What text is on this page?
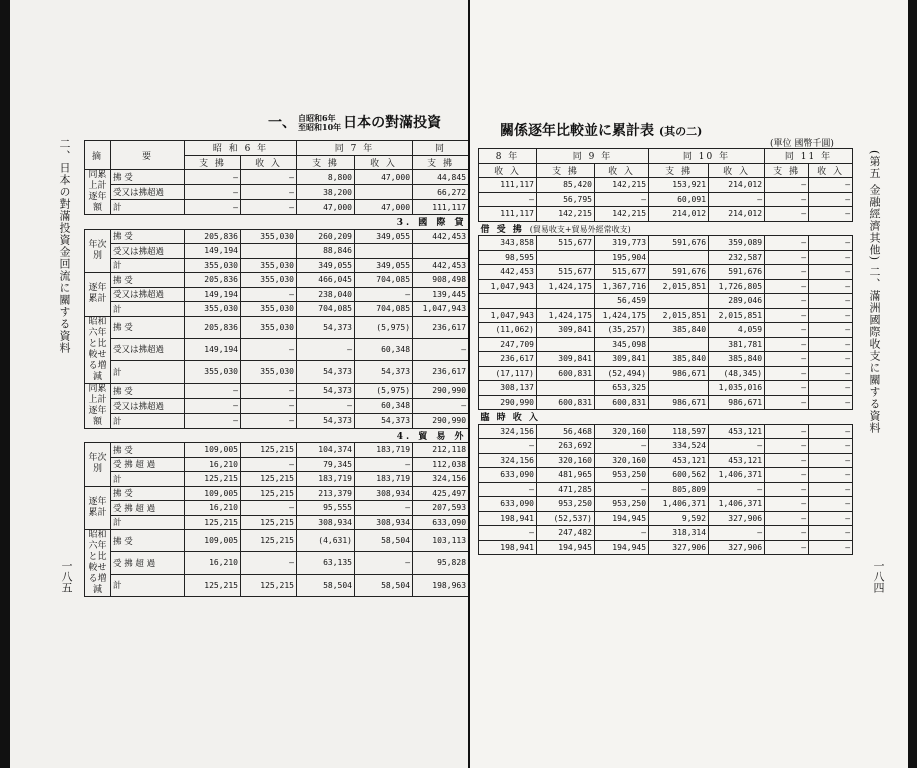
二、日本の對滿投資金回流に關する資料
一八五
一、 自昭和6年
至昭和10年 日本の對滿投資
摘	要	昭 和 6 年		同 7 年		同
		支 拂	收 入	支 拂	收 入	支 拂
同累上計逐年額	拂 受	—	—	8,800	47,000	44,845
	受又は拂超過	—	—	38,200		66,272
	計	—	—	47,000	47,000	111,117
3. 國 際 貸						
年次別	拂 受	205,836	355,030	260,209	349,055	442,453
	受又は拂超過	149,194		88,846		
	計	355,030	355,030	349,055	349,055	442,453
逐年累計	拂 受	205,836	355,030	466,045	704,085	908,498
	受又は拂超過	149,194	—	238,040	—	139,445
	計	355,030	355,030	704,085	704,085	1,047,943
昭和六年と比較せる増減	拂 受	205,836	355,030	54,373	(5,975)	236,617
	受又は拂超過	149,194	—	—	60,348	—
	計	355,030	355,030	54,373	54,373	236,617
同累上計逐年額	拂 受	—	—	54,373	(5,975)	290,990
	受又は拂超過	—	—	—	60,348	—
	計	—	—	54,373	54,373	290,990
4. 貿 易 外						
年次別	拂 受	109,005	125,215	104,374	183,719	212,118
	受 拂 超 過	16,210	—	79,345	—	112,038
	計	125,215	125,215	183,719	183,719	324,156
逐年累計	拂 受	109,005	125,215	213,379	308,934	425,497
	受 拂 超 過	16,210	—	95,555	—	207,593
	計	125,215	125,215	308,934	308,934	633,090
昭和六年と比較せる増減	拂 受	109,005	125,215	(4,631)	58,504	103,113
	受 拂 超 過	16,210	—	63,135	—	95,828
	計	125,215	125,215	58,504	58,504	198,963
關係逐年比較並に累計表 (其の二)
(單位 國幣千圓)
(第五 金融經濟其他) 二、滿洲國際收支に關する資料
一八四
8 年	同 9 年		同 10 年		同 11 年	
收 入	支 拂	收 入	支 拂	收 入	支 拂	收 入
111,117	85,420	142,215	153,921	214,012	—	—
—	56,795	—	60,091	—	—	—
111,117	142,215	142,215	214,012	214,012	—	—
借 受 拂 (貿易收支+貿易外經常收支)						
343,858	515,677	319,773	591,676	359,089	—	—
98,595		195,904		232,587	—	—
442,453	515,677	515,677	591,676	591,676	—	—
1,047,943	1,424,175	1,367,716	2,015,851	1,726,805	—	—
		56,459		289,046	—	—
1,047,943	1,424,175	1,424,175	2,015,851	2,015,851	—	—
(11,062)	309,841	(35,257)	385,840	4,059	—	—
247,709		345,098		381,781	—	—
236,617	309,841	309,841	385,840	385,840	—	—
(17,117)	600,831	(52,494)	986,671	(48,345)	—	—
308,137		653,325		1,035,016	—	—
290,990	600,831	600,831	986,671	986,671	—	—
臨 時 收 入						
324,156	56,468	320,160	118,597	453,121	—	—
—	263,692	—	334,524	—	—	—
324,156	320,160	320,160	453,121	453,121	—	—
633,090	481,965	953,250	600,562	1,406,371	—	—
—	471,285	—	805,809	—	—	—
633,090	953,250	953,250	1,406,371	1,406,371	—	—
198,941	(52,537)	194,945	9,592	327,906	—	—
—	247,482	—	318,314	—	—	—
198,941	194,945	194,945	327,906	327,906	—	—
